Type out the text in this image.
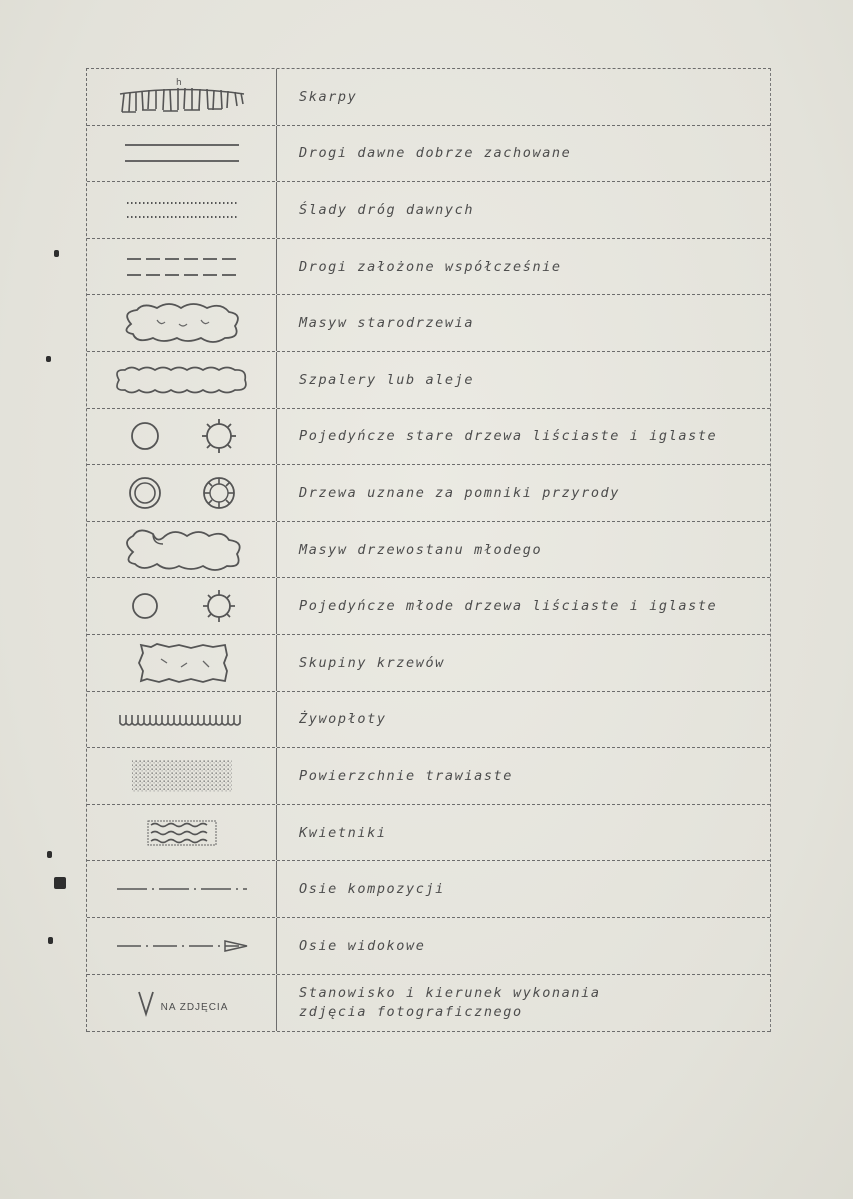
h
Skarpy
Drogi dawne dobrze zachowane
Ślady dróg dawnych
Drogi założone współcześnie
Masyw starodrzewia
Szpalery lub aleje
Pojedyńcze stare drzewa liściaste i iglaste
Drzewa uznane za pomniki przyrody
Masyw drzewostanu młodego
Pojedyńcze młode drzewa liściaste i iglaste
Skupiny krzewów
Żywopłoty
Powierzchnie trawiaste
Kwietniki
Osie kompozycji
Osie widokowe
NA ZDJĘCIA
Stanowisko i kierunek wykonania
zdjęcia fotograficznego
